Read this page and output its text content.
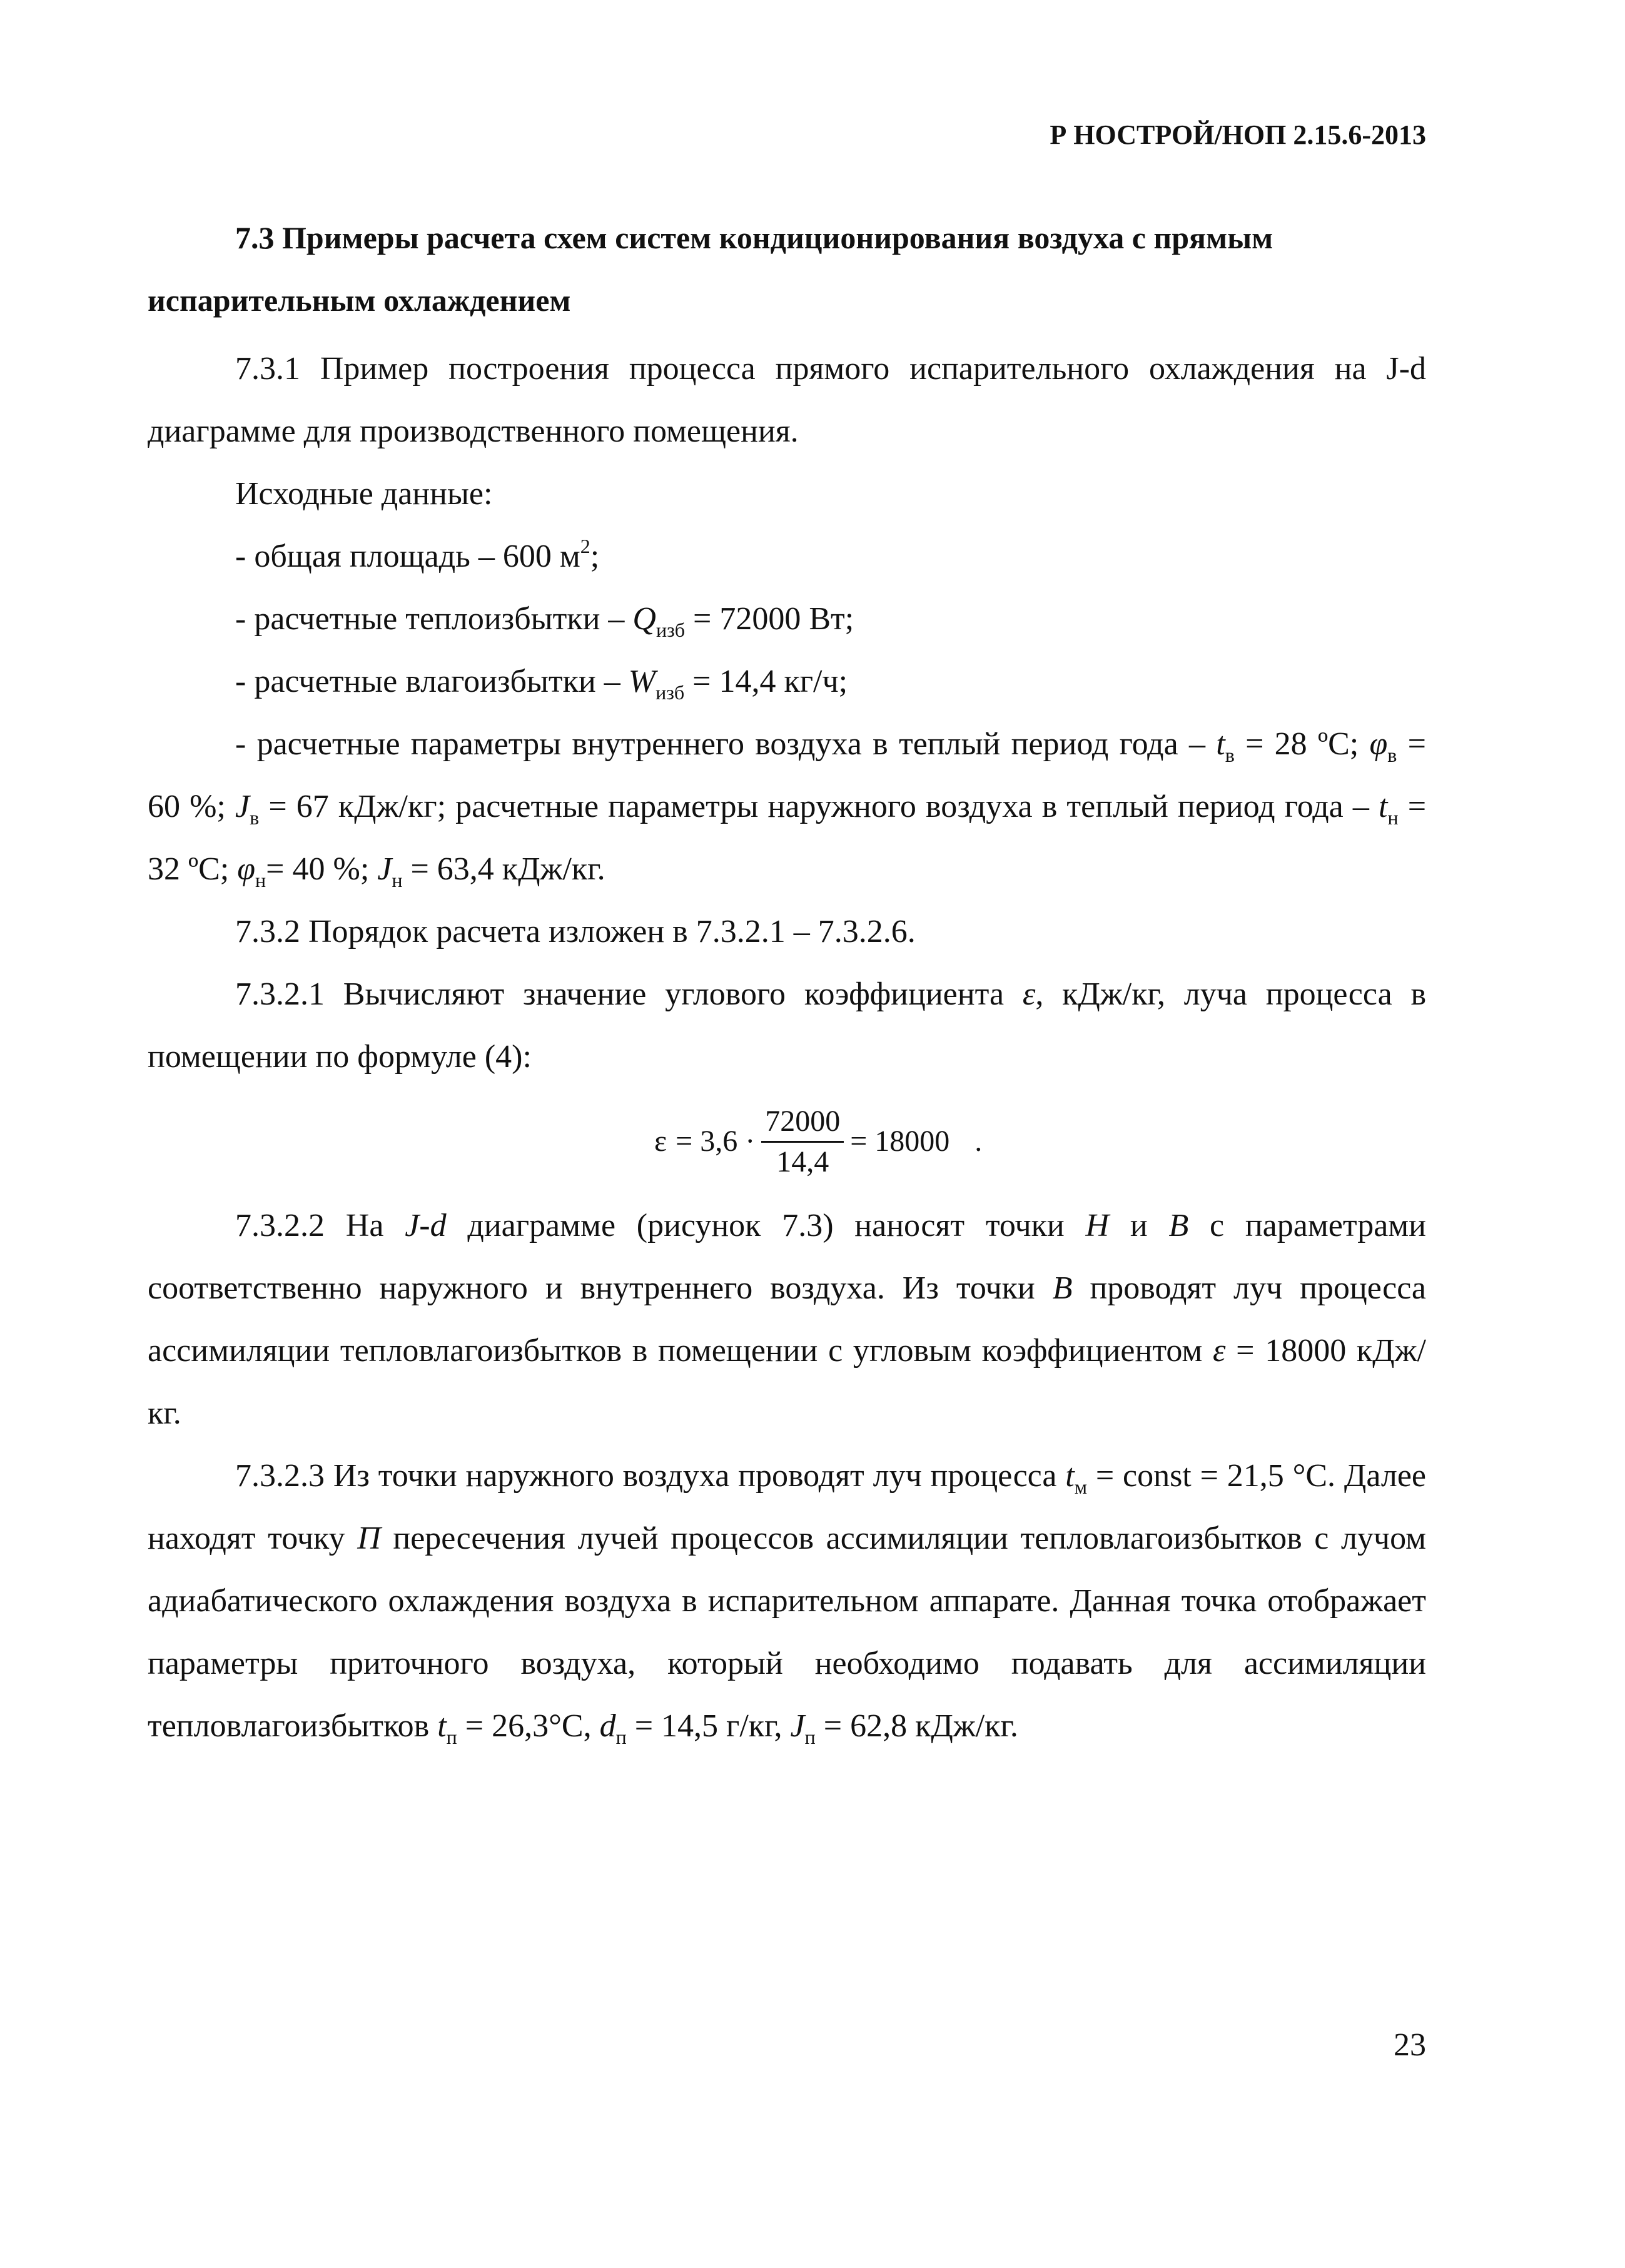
Р НОСТРОЙ/НОП 2.15.6-2013
7.3 Примеры расчета схем систем кондиционирования воздуха с прямым испарительным охлаждением

7.3.1 Пример построения процесса прямого испарительного охлаждения на J-d диаграмме для производственного помещения.

Исходные данные:

- общая площадь – 600 $м^2$;

- расчетные теплоизбытки – $Q_{изб} = 72000$ Вт;

- расчетные влагоизбытки – $W_{изб} = 14,4$ кг/ч;

- расчетные параметры внутреннего воздуха в теплый период года – $t_в = 28$ ºС; $\varphi_в = 60$ %; $J_в = 67$ кДж/кг; расчетные параметры наружного воздуха в теплый период года – $t_н = 32$ ºС; $\varphi_н= 40$ %; $J_н = 63,4$ кДж/кг.

7.3.2 Порядок расчета изложен в 7.3.2.1 – 7.3.2.6.

7.3.2.1 Вычисляют значение углового коэффициента ε, кДж/кг, луча процесса в помещении по формуле (4):

$\varepsilon = 3,6 \cdot \frac{72000}{14,4} = 18000$ .

7.3.2.2 На J-d диаграмме (рисунок 7.3) наносят точки Н и В с параметрами соответственно наружного и внутреннего воздуха. Из точки В проводят луч процесса ассимиляции тепловлагоизбытков в помещении с угловым коэффициентом ε = 18000 кДж/кг.

7.3.2.3 Из точки наружного воздуха проводят луч процесса $t_м$ = const = 21,5 °С. Далее находят точку П пересечения лучей процессов ассимиляции тепловлагоизбытков с лучом адиабатического охлаждения воздуха в испарительном аппарате. Данная точка отображает параметры приточного воздуха, который необходимо подавать для ассимиляции тепловлагоизбытков $t_п = 26,3^\circ С$, $d_п = 14,5$ г/кг, $J_п = 62,8$ кДж/кг.

23
